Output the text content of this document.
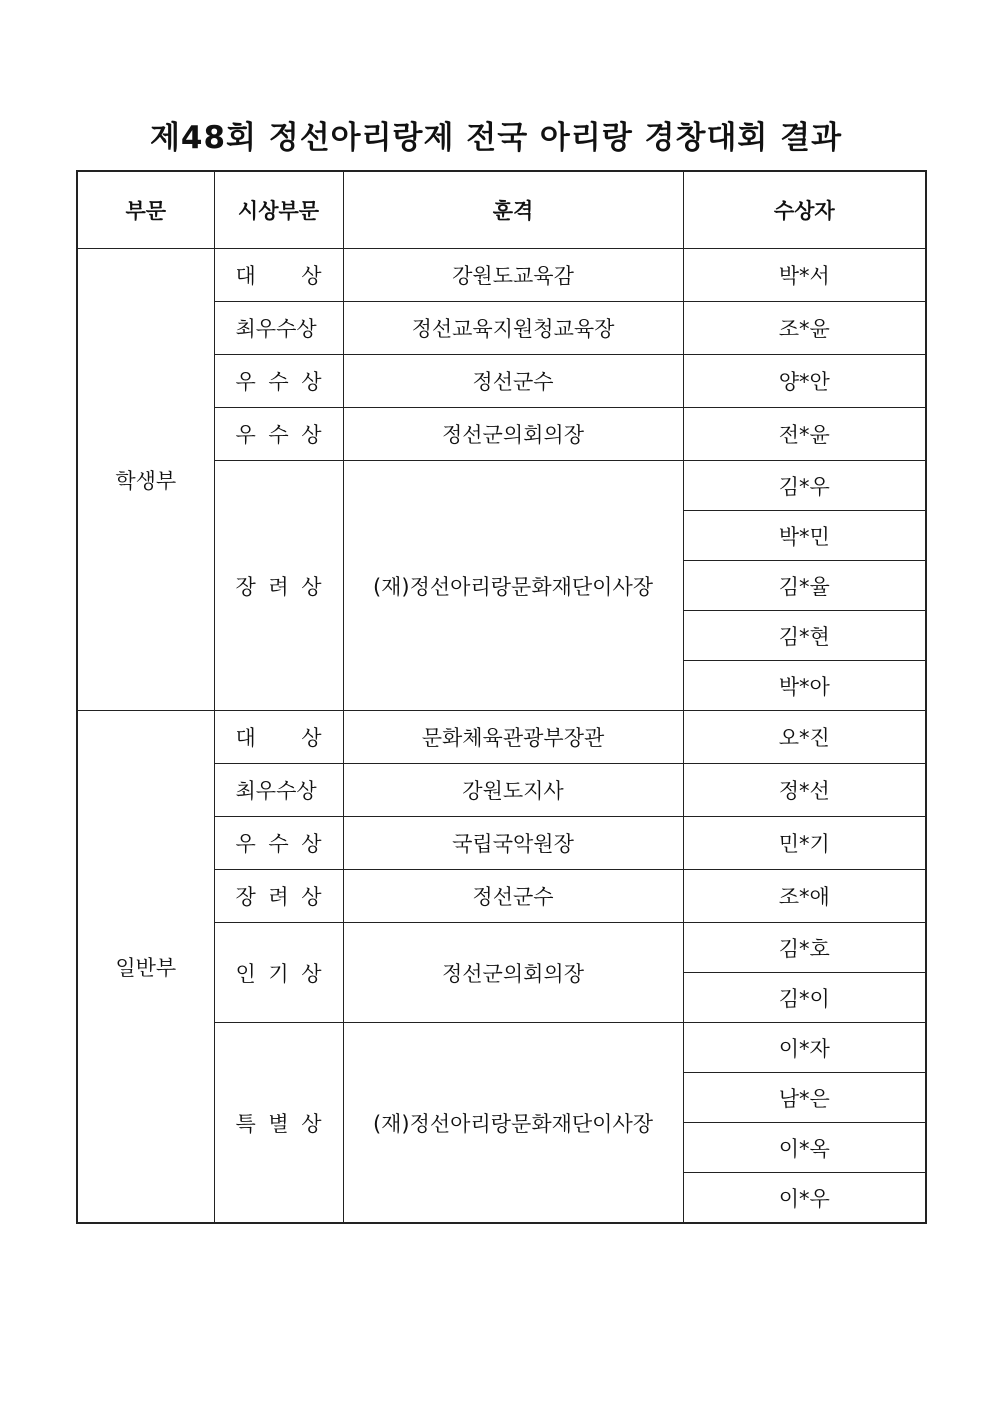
제48회 정선아리랑제 전국 아리랑 경창대회 결과
부문	시상부문	훈격	수상자
학생부	대 상	강원도교육감	박*서
	최우수상	정선교육지원청교육장	조*윤
	우 수 상	정선군수	양*안
	우 수 상	정선군의회의장	전*윤
	장 려 상	(재)정선아리랑문화재단이사장	김*우
			박*민
			김*율
			김*현
			박*아
일반부	대 상	문화체육관광부장관	오*진
	최우수상	강원도지사	정*선
	우 수 상	국립국악원장	민*기
	장 려 상	정선군수	조*애
	인 기 상	정선군의회의장	김*호
			김*이
	특 별 상	(재)정선아리랑문화재단이사장	이*자
			남*은
			이*옥
			이*우
